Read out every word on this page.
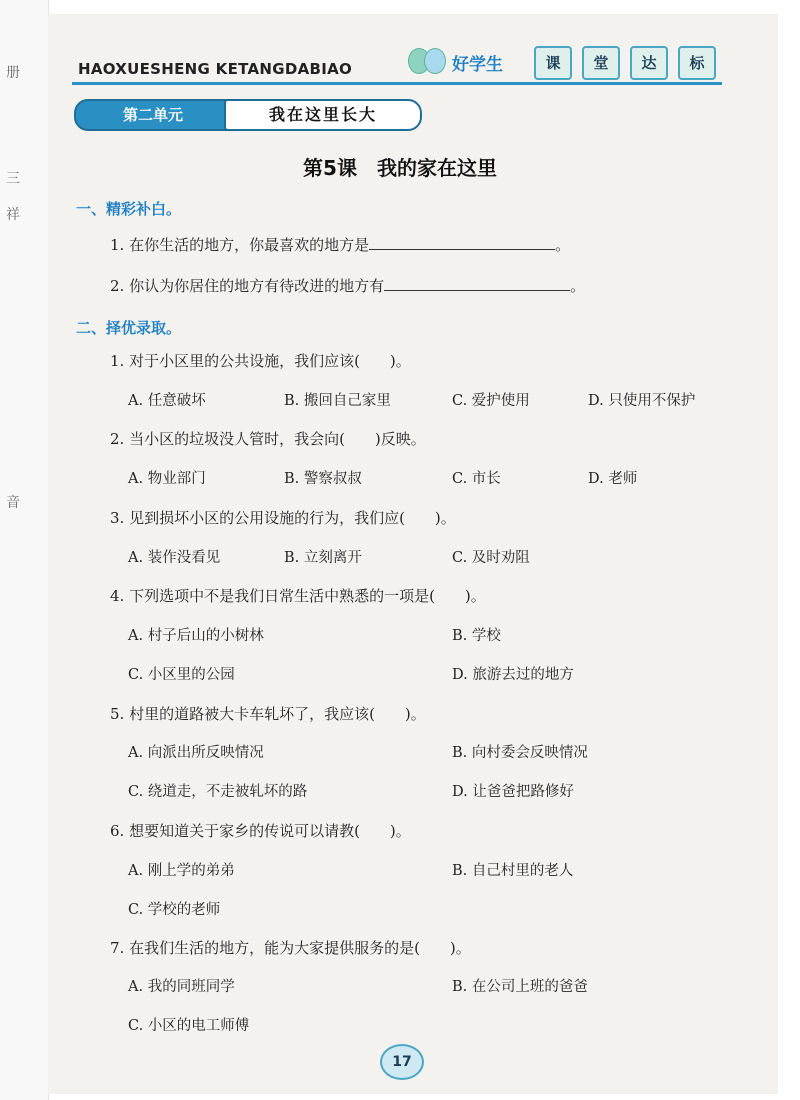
册
三
祥
音

HAOXUESHENG KETANGDABIAO	好学生	课	堂	达	标
第二单元	我在这里长大
第5课　我的家在这里
一、精彩补白。
1. 在你生活的地方，你最喜欢的地方是	。
2. 你认为你居住的地方有待改进的地方有	。
二、择优录取。
1. 对于小区里的公共设施，我们应该(　　)。
A. 任意破坏	B. 搬回自己家里	C. 爱护使用	D. 只使用不保护
2. 当小区的垃圾没人管时，我会向(　　)反映。
A. 物业部门	B. 警察叔叔	C. 市长	D. 老师
3. 见到损坏小区的公用设施的行为，我们应(　　)。
A. 装作没看见	B. 立刻离开	C. 及时劝阻
4. 下列选项中不是我们日常生活中熟悉的一项是(　　)。
A. 村子后山的小树林	B. 学校
C. 小区里的公园	D. 旅游去过的地方
5. 村里的道路被大卡车轧坏了，我应该(　　)。
A. 向派出所反映情况	B. 向村委会反映情况
C. 绕道走，不走被轧坏的路	D. 让爸爸把路修好
6. 想要知道关于家乡的传说可以请教(　　)。
A. 刚上学的弟弟	B. 自己村里的老人
C. 学校的老师
7. 在我们生活的地方，能为大家提供服务的是(　　)。
A. 我的同班同学	B. 在公司上班的爸爸
C. 小区的电工师傅
17
